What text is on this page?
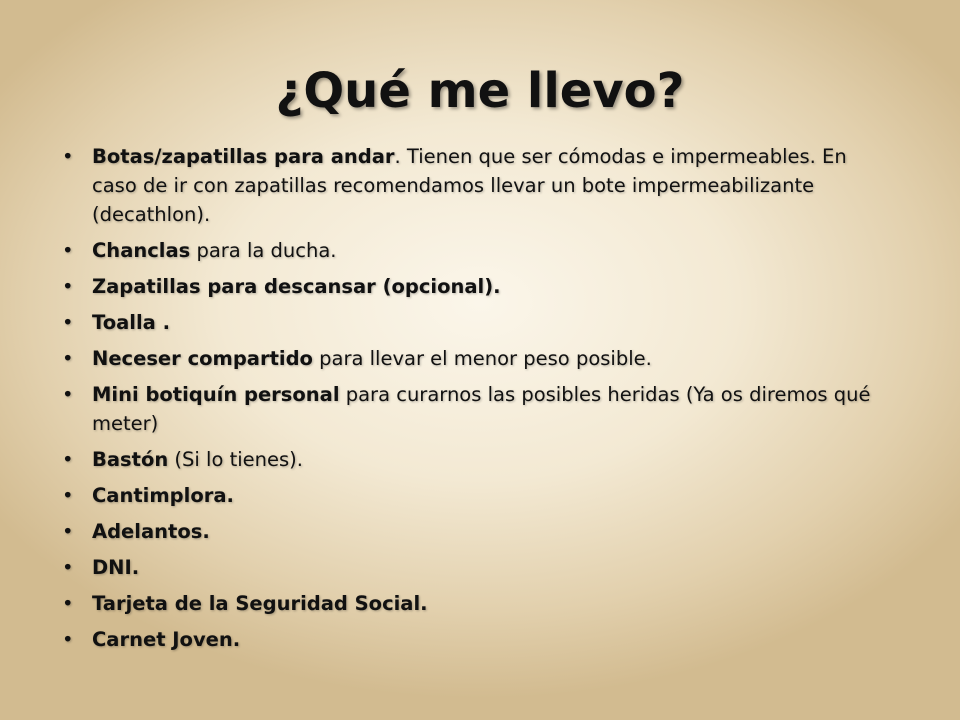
¿Qué me llevo?
• Botas/zapatillas para andar. Tienen que ser cómodas e impermeables. En caso de ir con zapatillas recomendamos llevar un bote impermeabilizante (decathlon).
• Chanclas para la ducha.
• Zapatillas para descansar (opcional).
• Toalla .
• Neceser compartido para llevar el menor peso posible.
• Mini botiquín personal para curarnos las posibles heridas (Ya os diremos qué meter)
• Bastón (Si lo tienes).
• Cantimplora.
• Adelantos.
• DNI.
• Tarjeta de la Seguridad Social.
• Carnet Joven.
